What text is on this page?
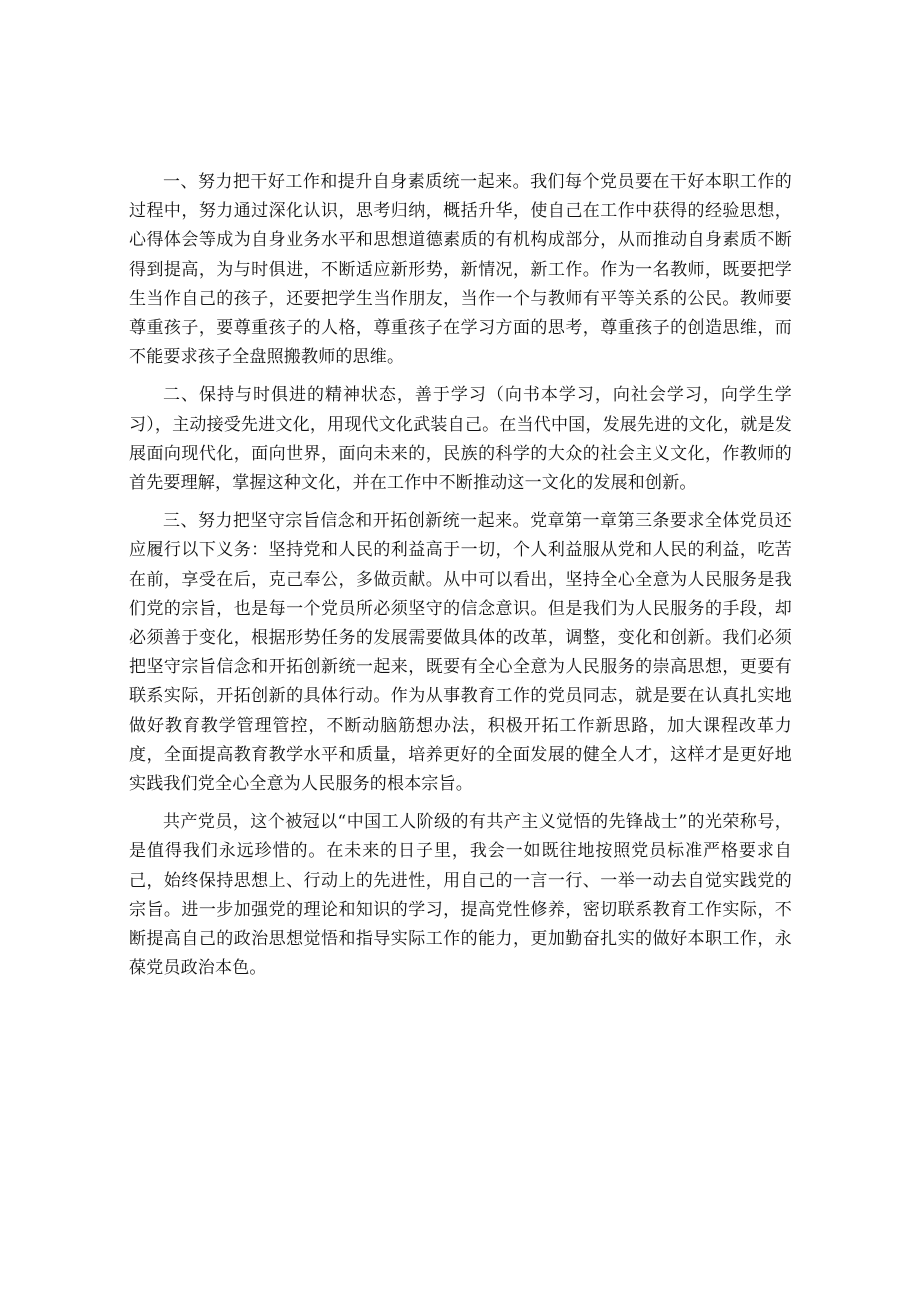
一、努力把干好工作和提升自身素质统一起来。我们每个党员要在干好本职工作的过程中，努力通过深化认识，思考归纳，概括升华，使自己在工作中获得的经验思想，心得体会等成为自身业务水平和思想道德素质的有机构成部分，从而推动自身素质不断得到提高，为与时俱进，不断适应新形势，新情况，新工作。作为一名教师，既要把学生当作自己的孩子，还要把学生当作朋友，当作一个与教师有平等关系的公民。教师要尊重孩子，要尊重孩子的人格，尊重孩子在学习方面的思考，尊重孩子的创造思维，而不能要求孩子全盘照搬教师的思维。

二、保持与时俱进的精神状态，善于学习（向书本学习，向社会学习，向学生学习），主动接受先进文化，用现代文化武装自己。在当代中国，发展先进的文化，就是发展面向现代化，面向世界，面向未来的，民族的科学的大众的社会主义文化，作教师的首先要理解，掌握这种文化，并在工作中不断推动这一文化的发展和创新。

三、努力把坚守宗旨信念和开拓创新统一起来。党章第一章第三条要求全体党员还应履行以下义务：坚持党和人民的利益高于一切，个人利益服从党和人民的利益，吃苦在前，享受在后，克己奉公，多做贡献。从中可以看出，坚持全心全意为人民服务是我们党的宗旨，也是每一个党员所必须坚守的信念意识。但是我们为人民服务的手段，却必须善于变化，根据形势任务的发展需要做具体的改革，调整，变化和创新。我们必须把坚守宗旨信念和开拓创新统一起来，既要有全心全意为人民服务的崇高思想，更要有联系实际，开拓创新的具体行动。作为从事教育工作的党员同志，就是要在认真扎实地做好教育教学管理管控，不断动脑筋想办法，积极开拓工作新思路，加大课程改革力度，全面提高教育教学水平和质量，培养更好的全面发展的健全人才，这样才是更好地实践我们党全心全意为人民服务的根本宗旨。

共产党员，这个被冠以“中国工人阶级的有共产主义觉悟的先锋战士”的光荣称号，是值得我们永远珍惜的。在未来的日子里，我会一如既往地按照党员标准严格要求自己，始终保持思想上、行动上的先进性，用自己的一言一行、一举一动去自觉实践党的宗旨。进一步加强党的理论和知识的学习，提高党性修养，密切联系教育工作实际，不断提高自己的政治思想觉悟和指导实际工作的能力，更加勤奋扎实的做好本职工作，永葆党员政治本色。
